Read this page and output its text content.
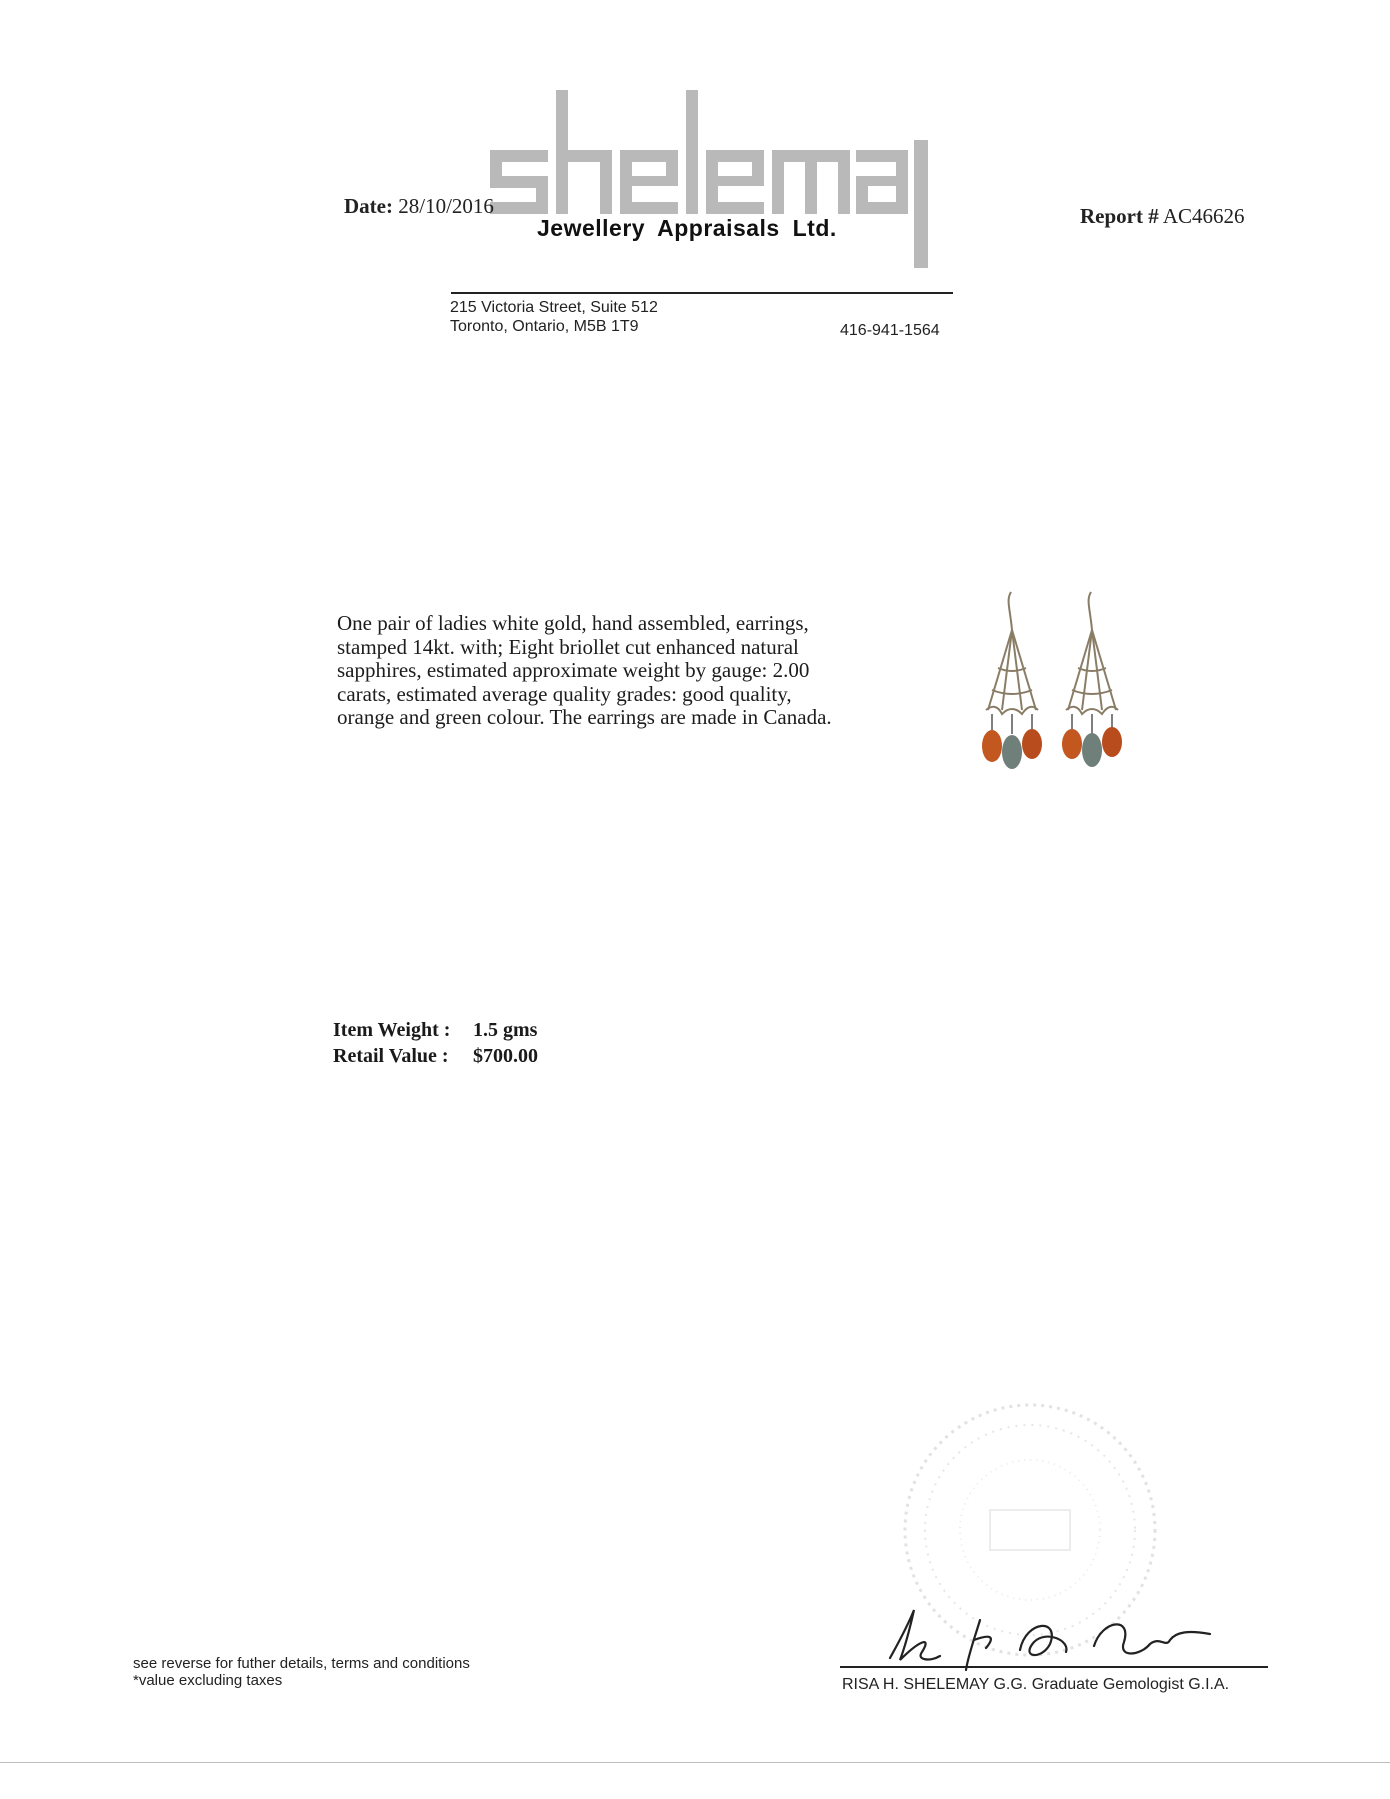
Jewellery Appraisals Ltd.
Date: 28/10/2016	Report # AC46626
215 Victoria Street, Suite 512
Toronto, Ontario, M5B 1T9	416-941-1564
One pair of ladies white gold, hand assembled, earrings,
stamped 14kt. with; Eight briollet cut enhanced natural
sapphires, estimated approximate weight by gauge: 2.00
carats, estimated average quality grades: good quality,
orange and green colour. The earrings are made in Canada.
Item Weight :	1.5 gms
Retail Value :	$700.00
see reverse for futher details, terms and conditions
*value excluding taxes	RISA H. SHELEMAY G.G. Graduate Gemologist G.I.A.
